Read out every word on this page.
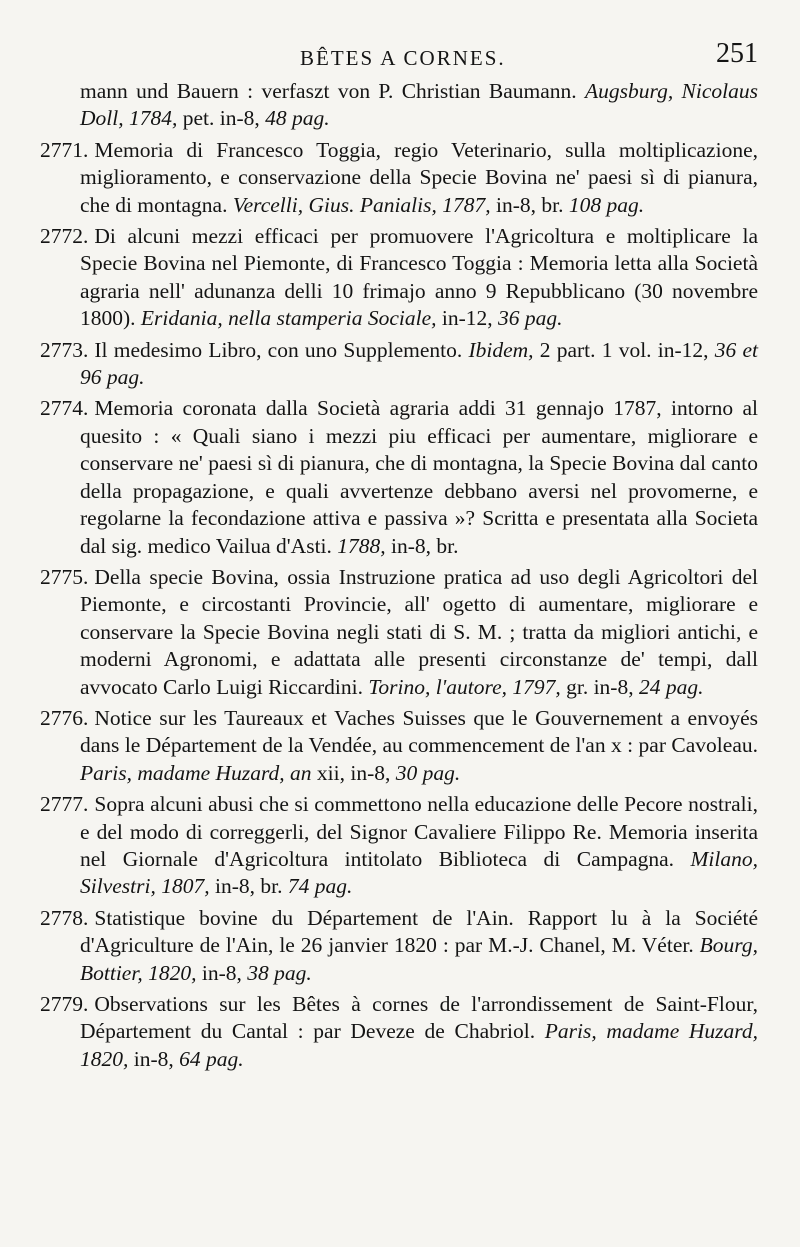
BÊTES A CORNES.	251

mann und Bauern : verfaszt von P. Christian Baumann. Augsburg, Nicolaus Doll, 1784, pet. in-8, 48 pag.

2771. Memoria di Francesco Toggia, regio Veterinario, sulla moltiplicazione, miglioramento, e conservazione della Specie Bovina ne' paesi sì di pianura, che di montagna. Vercelli, Gius. Panialis, 1787, in-8, br. 108 pag.

2772. Di alcuni mezzi efficaci per promuovere l'Agricoltura e moltiplicare la Specie Bovina nel Piemonte, di Francesco Toggia : Memoria letta alla Società agraria nell' adunanza delli 10 frimajo anno 9 Repubblicano (30 novembre 1800). Eridania, nella stamperia Sociale, in-12, 36 pag.

2773. Il medesimo Libro, con uno Supplemento. Ibidem, 2 part. 1 vol. in-12, 36 et 96 pag.

2774. Memoria coronata dalla Società agraria addi 31 gennajo 1787, intorno al quesito : « Quali siano i mezzi piu efficaci per aumentare, migliorare e conservare ne' paesi sì di pianura, che di montagna, la Specie Bovina dal canto della propagazione, e quali avvertenze debbano aversi nel provomerne, e regolarne la fecondazione attiva e passiva »? Scritta e presentata alla Societa dal sig. medico Vailua d'Asti. 1788, in-8, br.

2775. Della specie Bovina, ossia Instruzione pratica ad uso degli Agricoltori del Piemonte, e circostanti Provincie, all' ogetto di aumentare, migliorare e conservare la Specie Bovina negli stati di S. M. ; tratta da migliori antichi, e moderni Agronomi, e adattata alle presenti circonstanze de' tempi, dall avvocato Carlo Luigi Riccardini. Torino, l'autore, 1797, gr. in-8, 24 pag.

2776. Notice sur les Taureaux et Vaches Suisses que le Gouvernement a envoyés dans le Département de la Vendée, au commencement de l'an x : par Cavoleau. Paris, madame Huzard, an xii, in-8, 30 pag.

2777. Sopra alcuni abusi che si commettono nella educazione delle Pecore nostrali, e del modo di correggerli, del Signor Cavaliere Filippo Re. Memoria inserita nel Giornale d'Agricoltura intitolato Biblioteca di Campagna. Milano, Silvestri, 1807, in-8, br. 74 pag.

2778. Statistique bovine du Département de l'Ain. Rapport lu à la Société d'Agriculture de l'Ain, le 26 janvier 1820 : par M.-J. Chanel, M. Véter. Bourg, Bottier, 1820, in-8, 38 pag.

2779. Observations sur les Bêtes à cornes de l'arrondissement de Saint-Flour, Département du Cantal : par Deveze de Chabriol. Paris, madame Huzard, 1820, in-8, 64 pag.
